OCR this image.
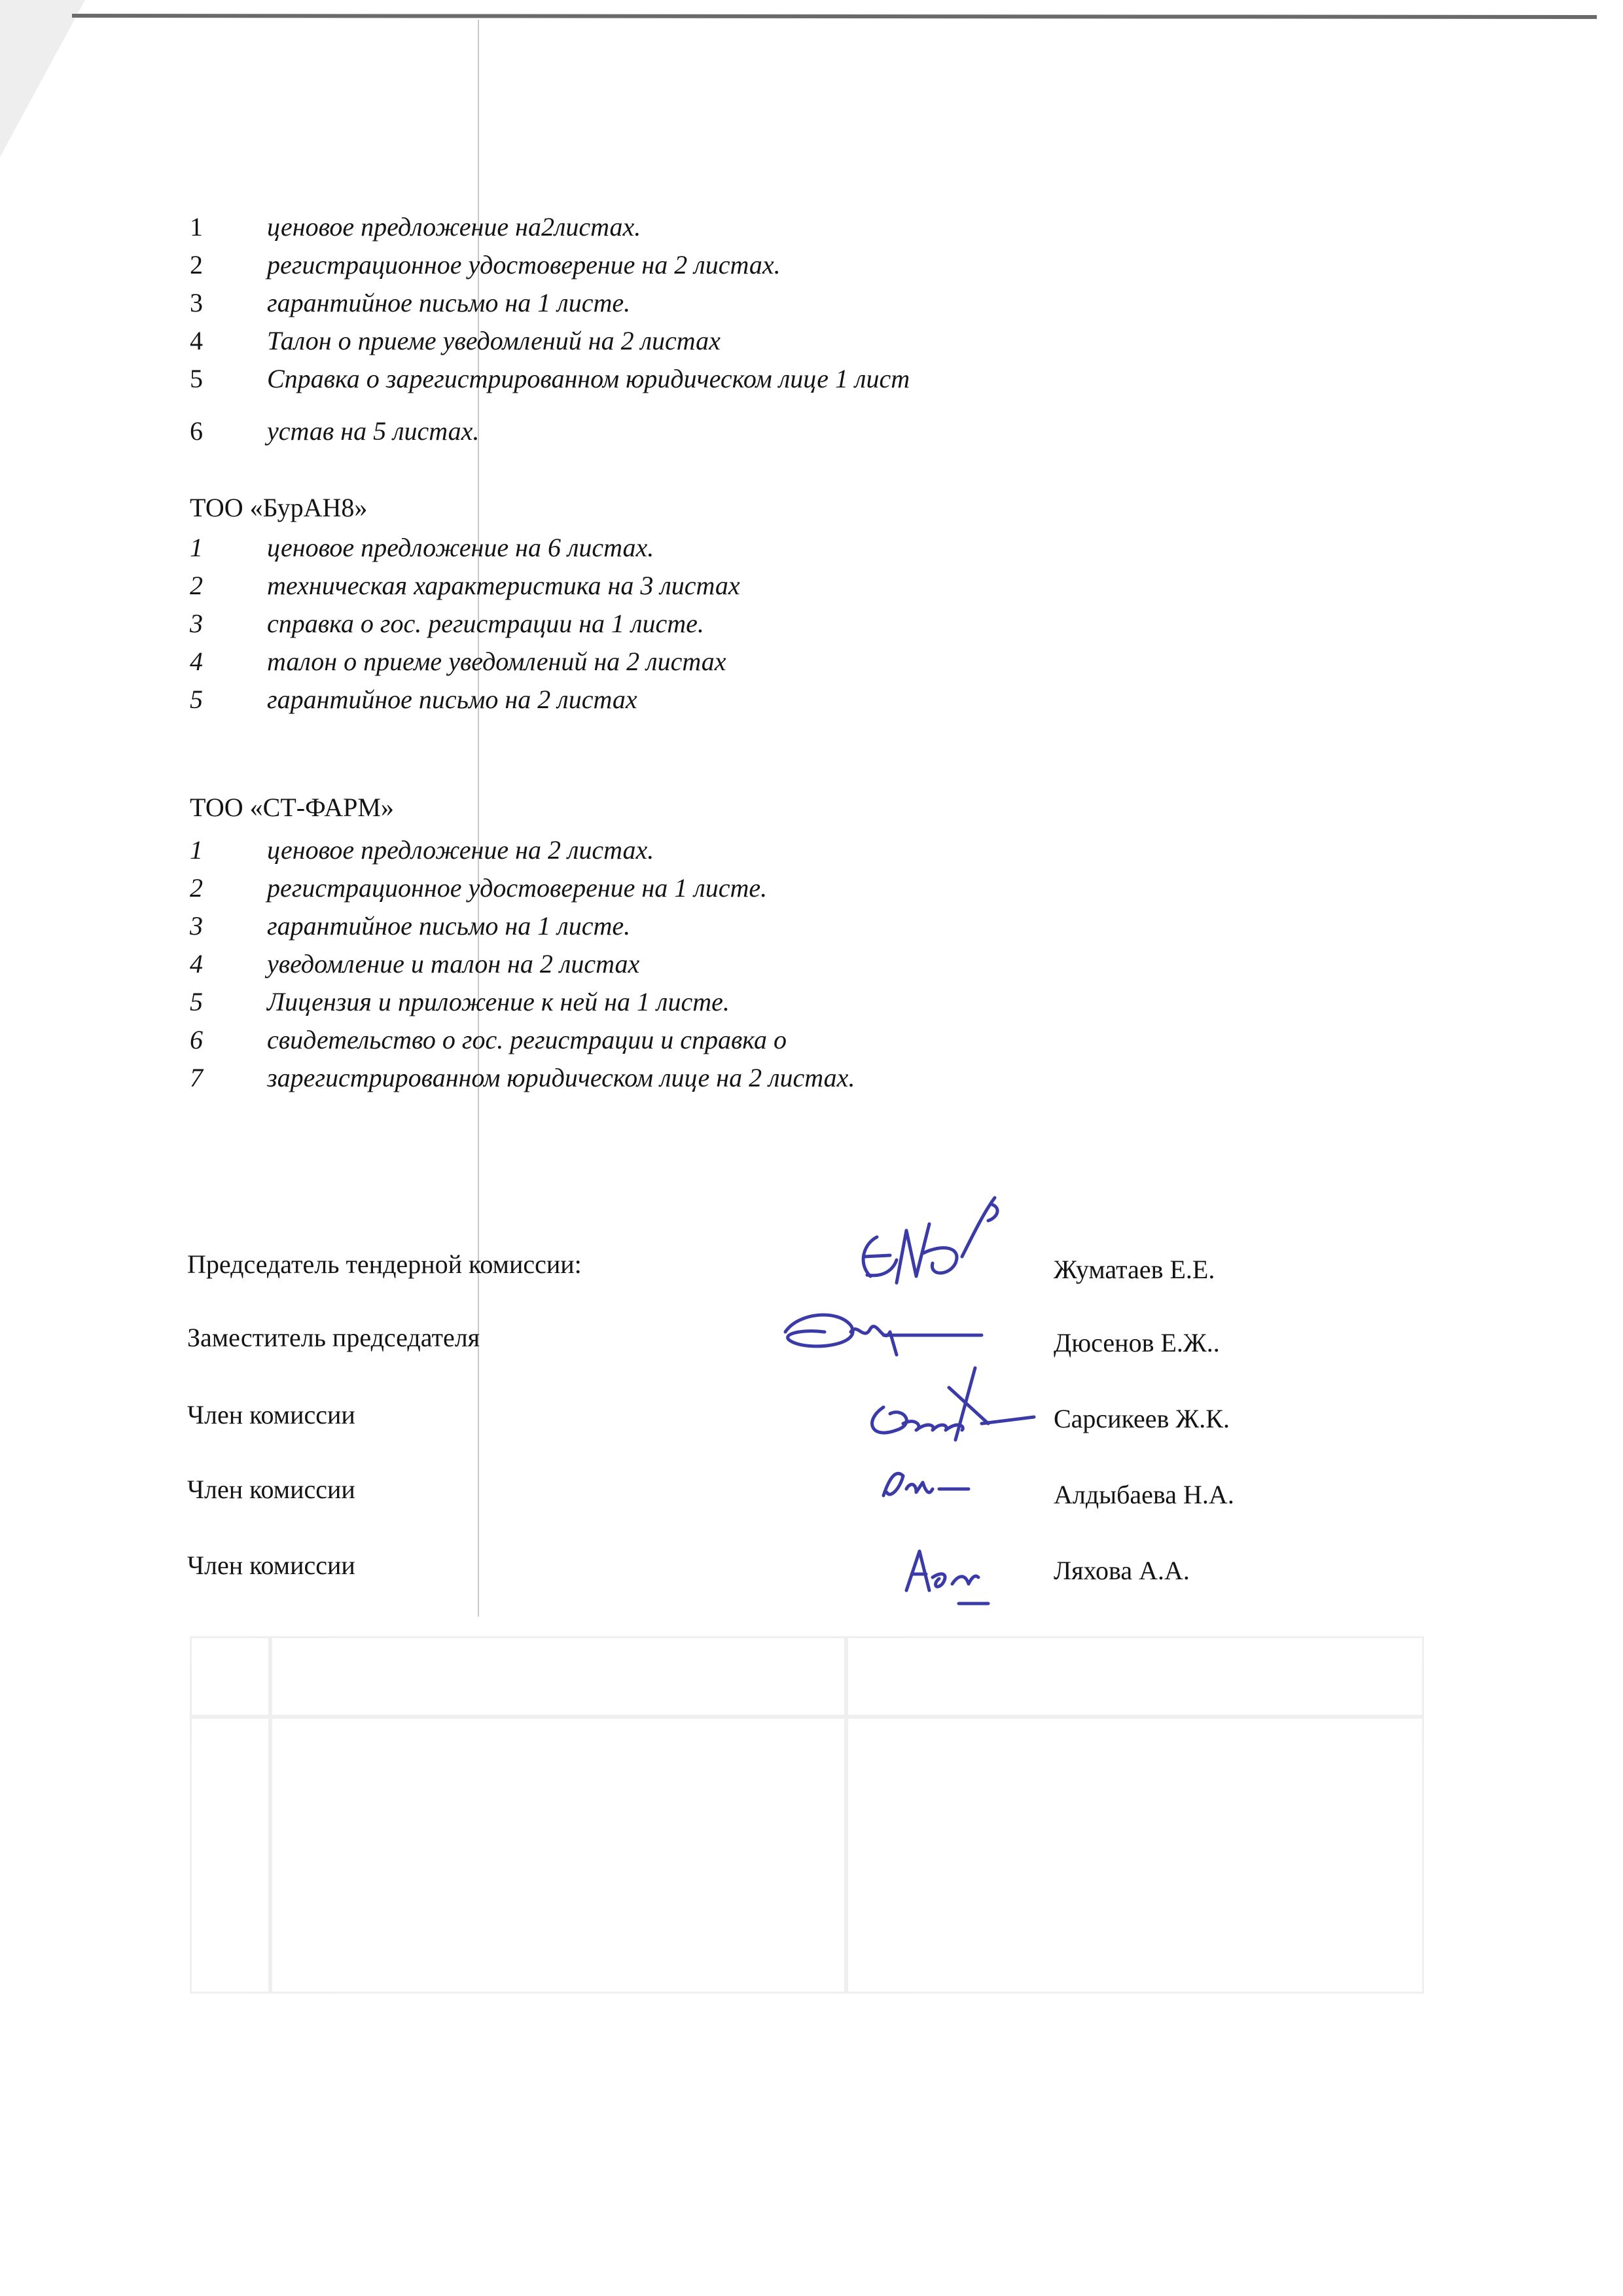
1 ценовое предложение на2листах.
2 регистрационное удостоверение на 2 листах.
3 гарантийное письмо на 1 листе.
4 Талон о приеме уведомлений на 2 листах
5 Справка о зарегистрированном юридическом лице 1 лист
6 устав на 5 листах.
ТОО «БурАН8»
1 ценовое предложение на 6 листах.
2 техническая характеристика на 3 листах
3 справка о гос. регистрации на 1 листе.
4 талон о приеме уведомлений на 2 листах
5 гарантийное письмо на 2 листах
ТОО «СТ-ФАРМ»
1 ценовое предложение на 2 листах.
2 регистрационное удостоверение на 1 листе.
3 гарантийное письмо на 1 листе.
4 уведомление и талон на 2 листах
5 Лицензия и приложение к ней на 1 листе.
6 свидетельство о гос. регистрации и справка о
7 зарегистрированном юридическом лице на 2 листах.
Председатель тендерной комиссии:	Жуматаев Е.Е.
Заместитель председателя	Дюсенов Е.Ж..
Член комиссии	Сарсикеев Ж.К.
Член комиссии	Алдыбаева Н.А.
Член комиссии	Ляхова А.А.
